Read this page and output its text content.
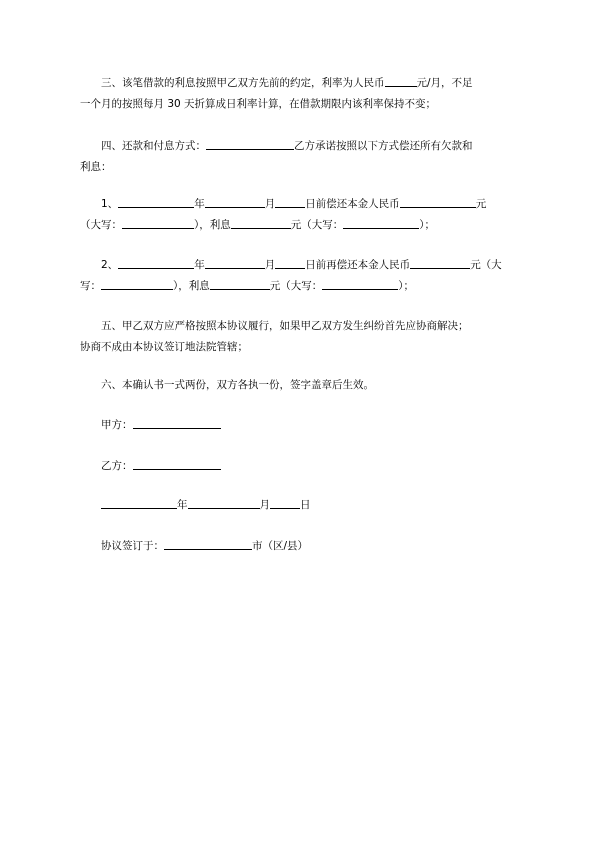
三、该笔借款的利息按照甲乙双方先前的约定，利率为人民币	元/月，不足
一个月的按照每月 30 天折算成日利率计算，在借款期限内该利率保持不变；
四、还款和付息方式：	乙方承诺按照以下方式偿还所有欠款和
利息：
1、	年	月	日前偿还本金人民币	元
（大写：	），利息	元（大写：	）；
2、	年	月	日前再偿还本金人民币	元（大
写：	），利息	元（大写：	）；
五、甲乙双方应严格按照本协议履行，如果甲乙双方发生纠纷首先应协商解决；
协商不成由本协议签订地法院管辖；
六、本确认书一式两份，双方各执一份，签字盖章后生效。
甲方：
乙方：
年	月	日
协议签订于：	市（区/县）
